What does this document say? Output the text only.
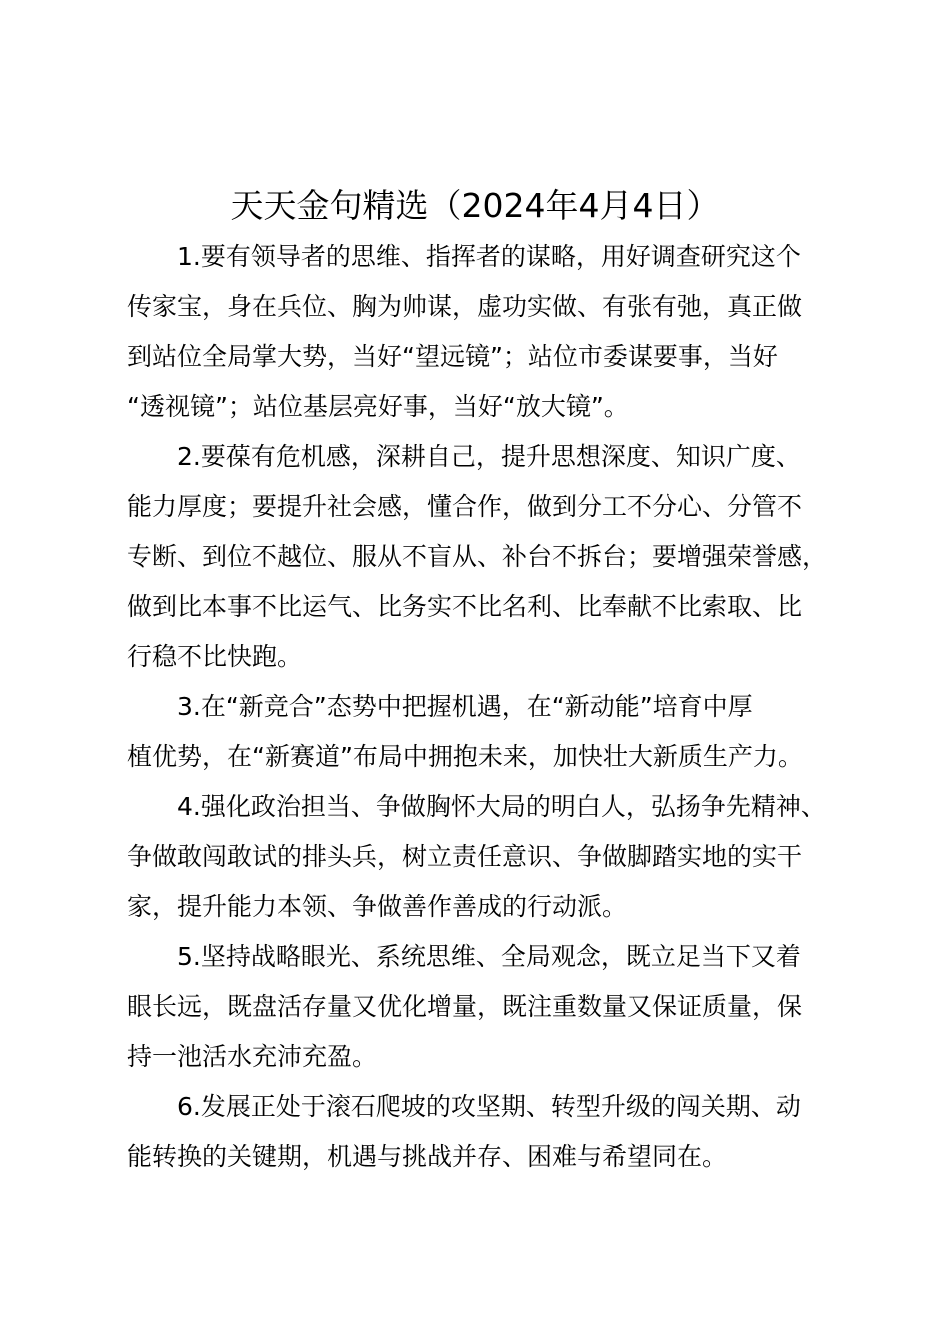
天天金句精选（2024年4月4日）
1.要有领导者的思维、指挥者的谋略，用好调查研究这个
传家宝，身在兵位、胸为帅谋，虚功实做、有张有弛，真正做
到站位全局掌大势，当好“望远镜”；站位市委谋要事，当好
“透视镜”；站位基层亮好事，当好“放大镜”。
2.要葆有危机感，深耕自己，提升思想深度、知识广度、
能力厚度；要提升社会感，懂合作，做到分工不分心、分管不
专断、到位不越位、服从不盲从、补台不拆台；要增强荣誉感，
做到比本事不比运气、比务实不比名利、比奉献不比索取、比
行稳不比快跑。
3.在“新竞合”态势中把握机遇，在“新动能”培育中厚
植优势，在“新赛道”布局中拥抱未来，加快壮大新质生产力。
4.强化政治担当、争做胸怀大局的明白人，弘扬争先精神、
争做敢闯敢试的排头兵，树立责任意识、争做脚踏实地的实干
家，提升能力本领、争做善作善成的行动派。
5.坚持战略眼光、系统思维、全局观念，既立足当下又着
眼长远，既盘活存量又优化增量，既注重数量又保证质量，保
持一池活水充沛充盈。
6.发展正处于滚石爬坡的攻坚期、转型升级的闯关期、动
能转换的关键期，机遇与挑战并存、困难与希望同在。
